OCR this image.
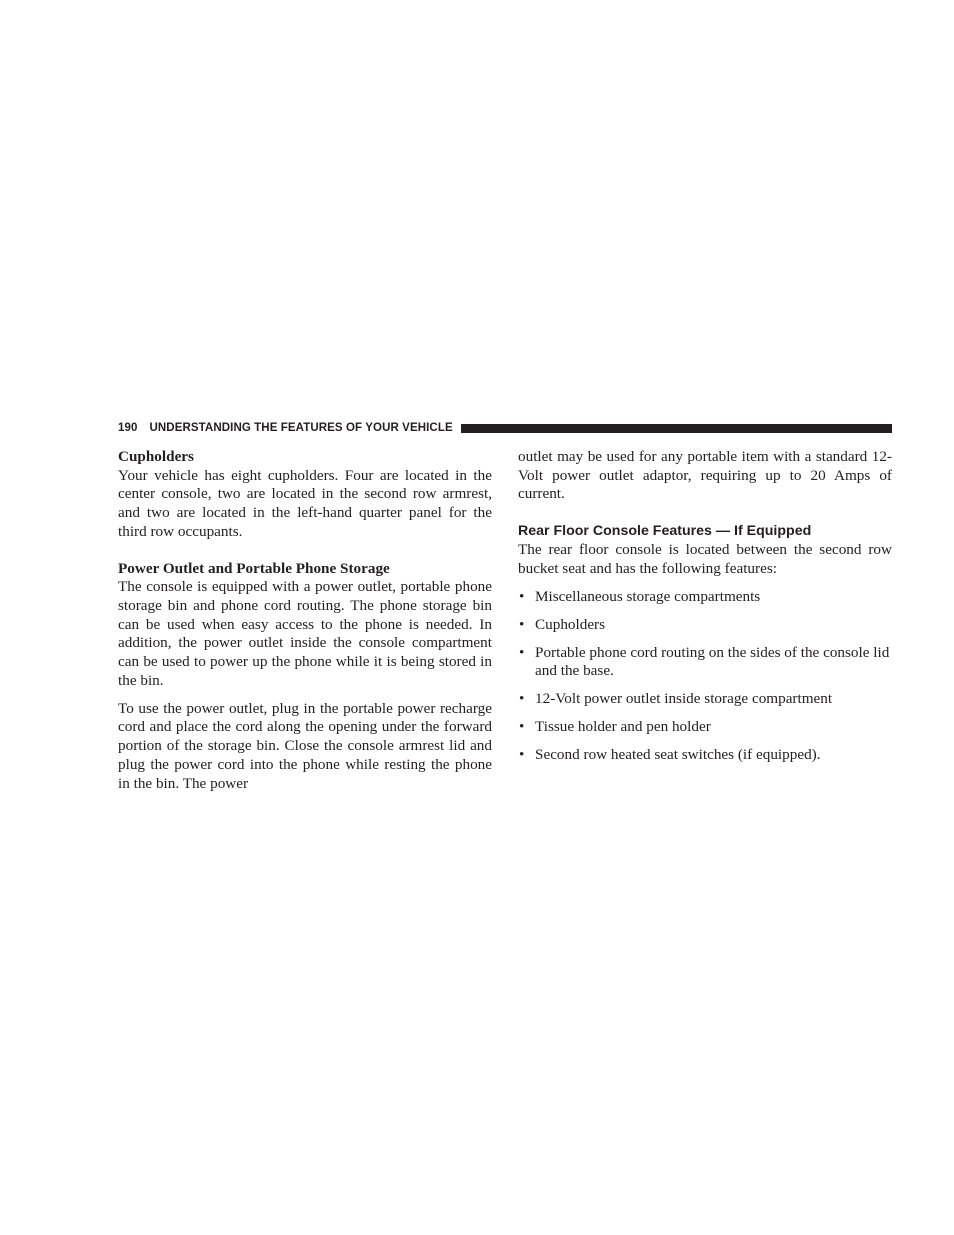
190 UNDERSTANDING THE FEATURES OF YOUR VEHICLE
Cupholders

Your vehicle has eight cupholders. Four are located in the center console, two are located in the second row armrest, and two are located in the left-hand quarter panel for the third row occupants.

Power Outlet and Portable Phone Storage

The console is equipped with a power outlet, portable phone storage bin and phone cord routing. The phone storage bin can be used when easy access to the phone is needed. In addition, the power outlet inside the console compartment can be used to power up the phone while it is being stored in the bin.

To use the power outlet, plug in the portable power recharge cord and place the cord along the opening under the forward portion of the storage bin. Close the console armrest lid and plug the power cord into the phone while resting the phone in the bin. The power

outlet may be used for any portable item with a standard 12-Volt power outlet adaptor, requiring up to 20 Amps of current.

Rear Floor Console Features — If Equipped

The rear floor console is located between the second row bucket seat and has the following features:

• Miscellaneous storage compartments
• Cupholders
• Portable phone cord routing on the sides of the console lid and the base.
• 12-Volt power outlet inside storage compartment
• Tissue holder and pen holder
• Second row heated seat switches (if equipped).
